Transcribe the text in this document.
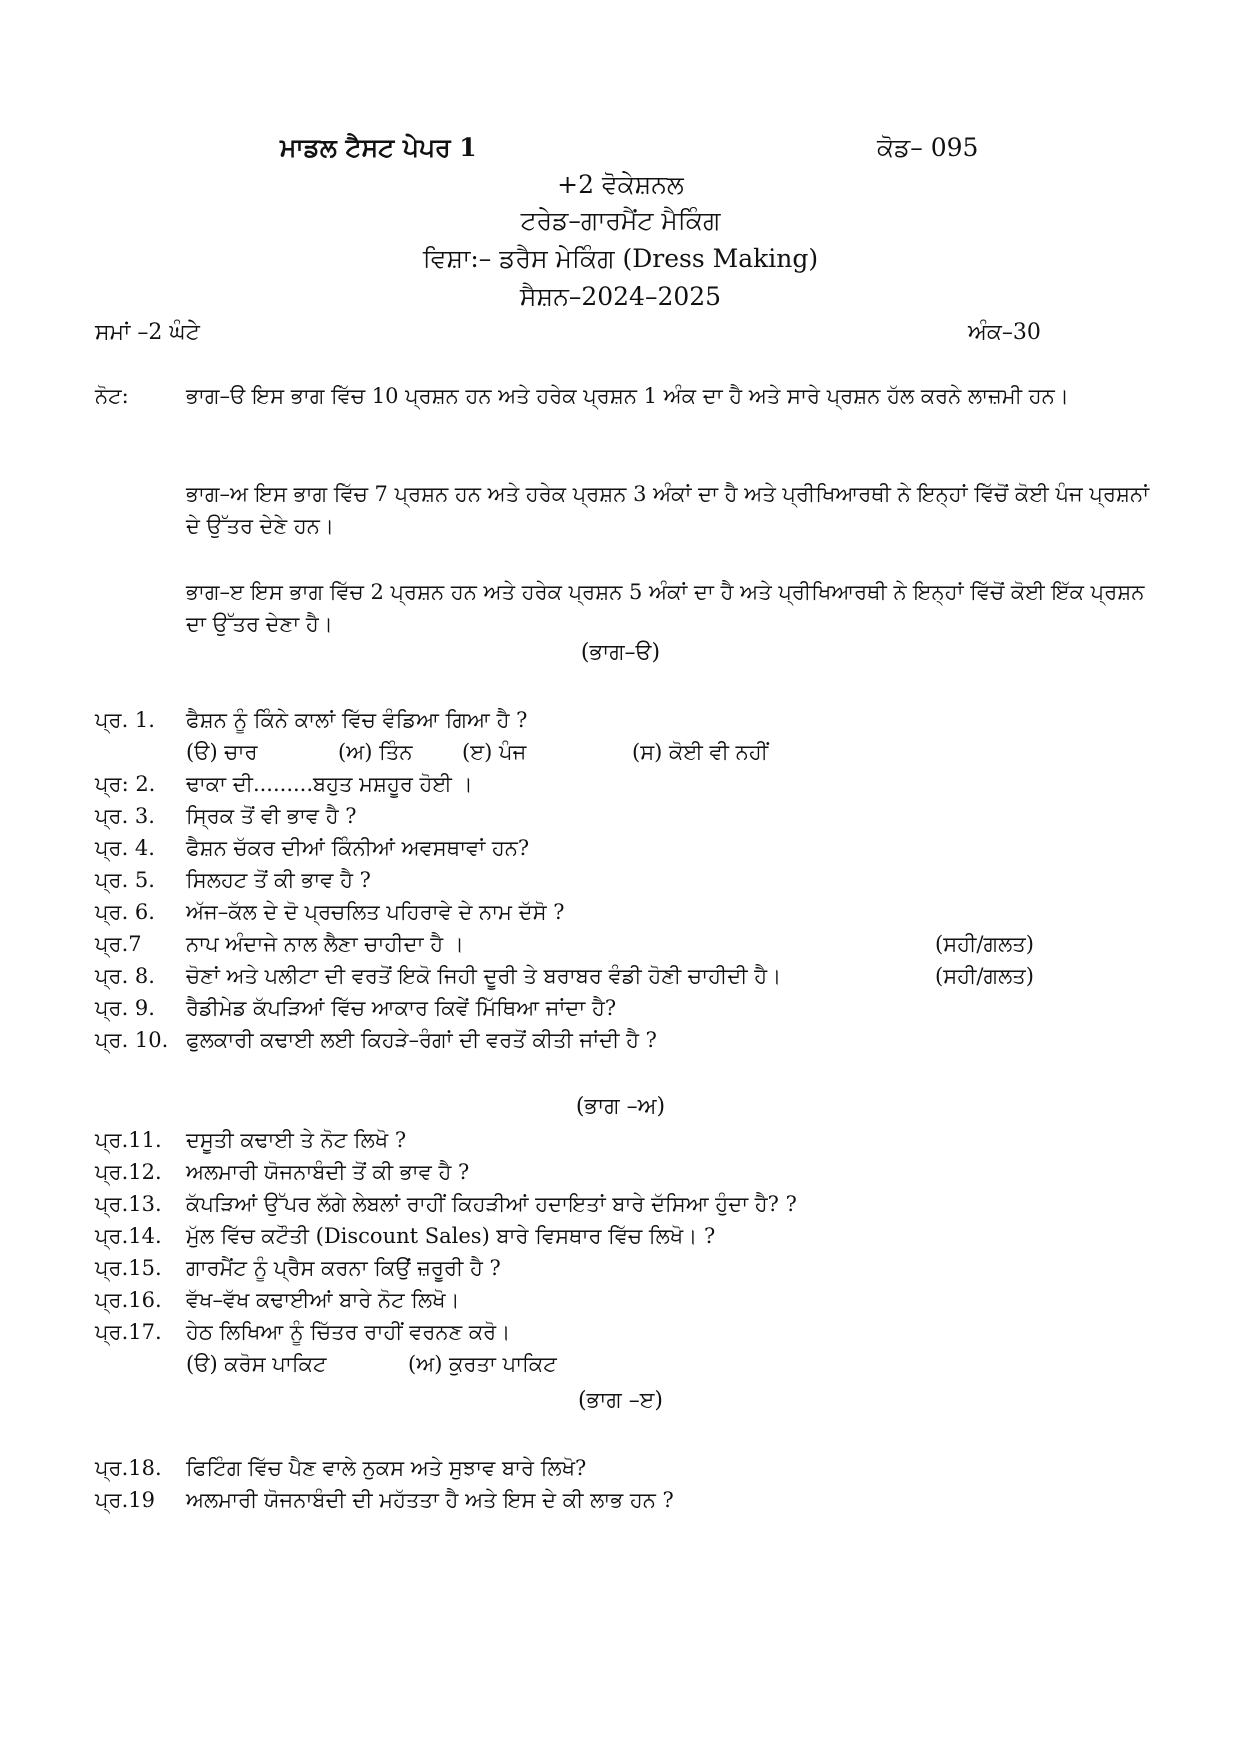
ਮਾਡਲ ਟੈਸਟ ਪੇਪਰ 1	ਕੋਡ– 095
+2 ਵੋਕੇਸ਼ਨਲ
ਟਰੇਡ–ਗਾਰਮੈਂਟ ਮੈਕਿੰਗ
ਵਿਸ਼ਾ:– ਡਰੈਸ ਮੇਕਿੰਗ (Dress Making)
ਸੈਸ਼ਨ–2024–2025
ਸਮਾਂ –2 ਘੰਟੇ	ਅੰਕ–30
ਨੋਟ:	ਭਾਗ–ੳ ਇਸ ਭਾਗ ਵਿੱਚ 10 ਪ੍ਰਸ਼ਨ ਹਨ ਅਤੇ ਹਰੇਕ ਪ੍ਰਸ਼ਨ 1 ਅੰਕ ਦਾ ਹੈ ਅਤੇ ਸਾਰੇ ਪ੍ਰਸ਼ਨ ਹੱਲ ਕਰਨੇ ਲਾਜ਼ਮੀ ਹਨ।
ਭਾਗ–ਅ ਇਸ ਭਾਗ ਵਿੱਚ 7 ਪ੍ਰਸ਼ਨ ਹਨ ਅਤੇ ਹਰੇਕ ਪ੍ਰਸ਼ਨ 3 ਅੰਕਾਂ ਦਾ ਹੈ ਅਤੇ ਪ੍ਰੀਖਿਆਰਥੀ ਨੇ ਇਨ੍ਹਾਂ ਵਿੱਚੋਂ ਕੋਈ ਪੰਜ ਪ੍ਰਸ਼ਨਾਂ ਦੇ ਉੱਤਰ ਦੇਣੇ ਹਨ।
ਭਾਗ–ੲ ਇਸ ਭਾਗ ਵਿੱਚ 2 ਪ੍ਰਸ਼ਨ ਹਨ ਅਤੇ ਹਰੇਕ ਪ੍ਰਸ਼ਨ 5 ਅੰਕਾਂ ਦਾ ਹੈ ਅਤੇ ਪ੍ਰੀਖਿਆਰਥੀ ਨੇ ਇਨ੍ਹਾਂ ਵਿੱਚੋਂ ਕੋਈ ਇੱਕ ਪ੍ਰਸ਼ਨ ਦਾ ਉੱਤਰ ਦੇਣਾ ਹੈ।
(ਭਾਗ–ੳ)
ਪ੍ਰ. 1. ਫੈਸ਼ਨ ਨੂੰ ਕਿੰਨੇ ਕਾਲਾਂ ਵਿੱਚ ਵੰਡਿਆ ਗਿਆ ਹੈ ?
(ੳ) ਚਾਰ	(ਅ) ਤਿੰਨ (ੲ) ਪੰਜ	(ਸ) ਕੋਈ ਵੀ ਨਹੀਂ
ਪ੍ਰ: 2. ਢਾਕਾ ਦੀ.........ਬਹੁਤ ਮਸ਼ਹੂਰ ਹੋਈ ।
ਪ੍ਰ. 3. ਸ੍ਰਿਕ ਤੋਂ ਵੀ ਭਾਵ ਹੈ ?
ਪ੍ਰ. 4. ਫੈਸ਼ਨ ਚੱਕਰ ਦੀਆਂ ਕਿੰਨੀਆਂ ਅਵਸਥਾਵਾਂ ਹਨ?
ਪ੍ਰ. 5. ਸਿਲਹਟ ਤੋਂ ਕੀ ਭਾਵ ਹੈ ?
ਪ੍ਰ. 6. ਅੱਜ–ਕੱਲ ਦੇ ਦੋ ਪ੍ਰਚਲਿਤ ਪਹਿਰਾਵੇ ਦੇ ਨਾਮ ਦੱਸੋ ?
ਪ੍ਰ.7 ਨਾਪ ਅੰਦਾਜੇ ਨਾਲ ਲੈਣਾ ਚਾਹੀਦਾ ਹੈ ।	(ਸਹੀ/ਗਲਤ)
ਪ੍ਰ. 8. ਚੋਣਾਂ ਅਤੇ ਪਲੀਟਾ ਦੀ ਵਰਤੋਂ ਇਕੋ ਜਿਹੀ ਦੂਰੀ ਤੇ ਬਰਾਬਰ ਵੰਡੀ ਹੋਣੀ ਚਾਹੀਦੀ ਹੈ।	(ਸਹੀ/ਗਲਤ)
ਪ੍ਰ. 9. ਰੈਡੀਮੇਡ ਕੱਪੜਿਆਂ ਵਿੱਚ ਆਕਾਰ ਕਿਵੇਂ ਮਿੱਥਿਆ ਜਾਂਦਾ ਹੈ?
ਪ੍ਰ. 10. ਫੁਲਕਾਰੀ ਕਢਾਈ ਲਈ ਕਿਹੜੇ–ਰੰਗਾਂ ਦੀ ਵਰਤੋਂ ਕੀਤੀ ਜਾਂਦੀ ਹੈ ?
(ਭਾਗ –ਅ)
ਪ੍ਰ.11. ਦਸੂਤੀ ਕਢਾਈ ਤੇ ਨੋਟ ਲਿਖੋ ?
ਪ੍ਰ.12. ਅਲਮਾਰੀ ਯੋਜਨਾਬੰਦੀ ਤੋਂ ਕੀ ਭਾਵ ਹੈ ?
ਪ੍ਰ.13. ਕੱਪੜਿਆਂ ਉੱਪਰ ਲੱਗੇ ਲੇਬਲਾਂ ਰਾਹੀਂ ਕਿਹੜੀਆਂ ਹਦਾਇਤਾਂ ਬਾਰੇ ਦੱਸਿਆ ਹੁੰਦਾ ਹੈ? ?
ਪ੍ਰ.14. ਮੁੱਲ ਵਿੱਚ ਕਟੌਤੀ (Discount Sales) ਬਾਰੇ ਵਿਸਥਾਰ ਵਿੱਚ ਲਿਖੋ। ?
ਪ੍ਰ.15. ਗਾਰਮੈਂਟ ਨੂੰ ਪ੍ਰੈਸ ਕਰਨਾ ਕਿਉਂ ਜ਼ਰੂਰੀ ਹੈ ?
ਪ੍ਰ.16. ਵੱਖ–ਵੱਖ ਕਢਾਈਆਂ ਬਾਰੇ ਨੋਟ ਲਿਖੋ।
ਪ੍ਰ.17. ਹੇਠ ਲਿਖਿਆ ਨੂੰ ਚਿੱਤਰ ਰਾਹੀਂ ਵਰਨਣ ਕਰੋ।
(ੳ) ਕਰੋਸ ਪਾਕਿਟ	(ਅ) ਕੁਰਤਾ ਪਾਕਿਟ
(ਭਾਗ –ੲ)
ਪ੍ਰ.18. ਫਿਟਿੰਗ ਵਿੱਚ ਪੈਣ ਵਾਲੇ ਨੁਕਸ ਅਤੇ ਸੁਝਾਵ ਬਾਰੇ ਲਿਖੋ?
ਪ੍ਰ.19 ਅਲਮਾਰੀ ਯੋਜਨਾਬੰਦੀ ਦੀ ਮਹੱਤਤਾ ਹੈ ਅਤੇ ਇਸ ਦੇ ਕੀ ਲਾਭ ਹਨ ?
